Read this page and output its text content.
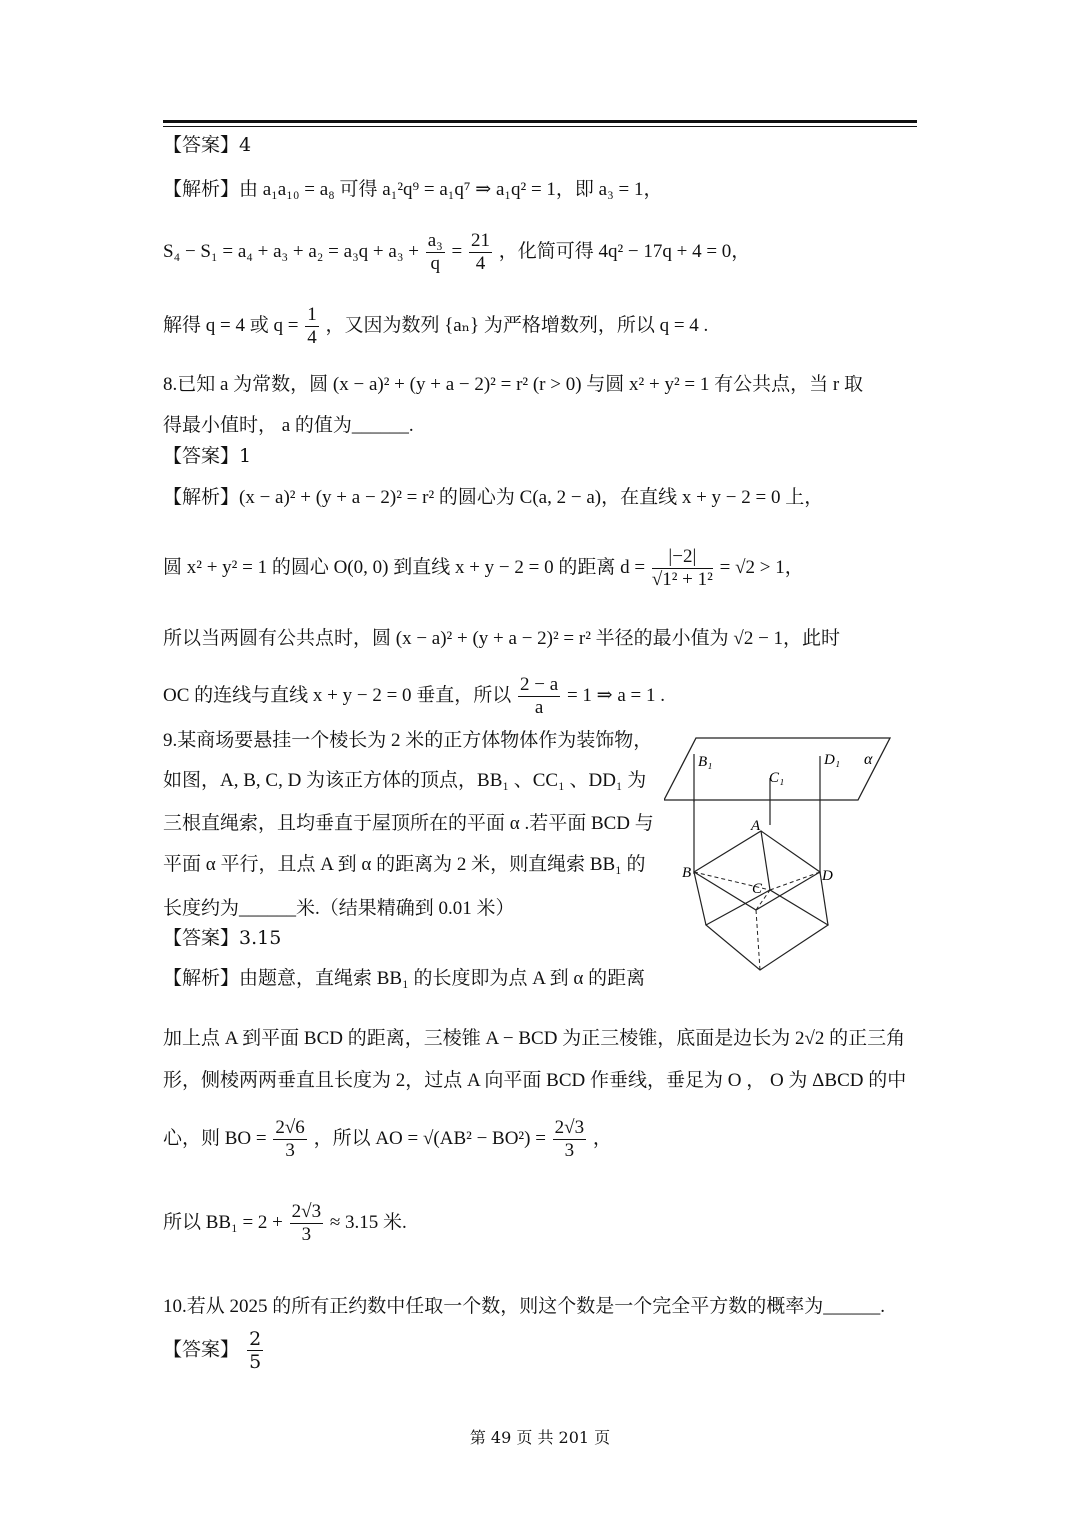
【答案】4
【解析】由 a₁a₁₀ = a₈ 可得 a₁²q⁹ = a₁q⁷ ⇒ a₁q² = 1，即 a₃ = 1，
$S_4 - S_1 = a_4 + a_3 + a_2 = a_3q + a_3 + \frac{\text{a₃}}{q} = \frac{21}{4}$ ，化简可得 4q² − 17q + 4 = 0，
解得 q = 4 或 $q = \frac{1}{4}$ ，又因为数列 {aₙ} 为严格增数列，所以 q = 4 .
8.已知 a 为常数，圆 (x − a)² + (y + a − 2)² = r² (r > 0) 与圆 x² + y² = 1 有公共点，当 r 取
得最小值时， a 的值为______.
【答案】1
【解析】(x − a)² + (y + a − 2)² = r² 的圆心为 C(a, 2 − a)，在直线 x + y − 2 = 0 上，
圆 x² + y² = 1 的圆心 O(0, 0) 到直线 x + y − 2 = 0 的距离 $d = \frac{|-2|}{\text{√1² + 1²}} = √2 > 1$，
所以当两圆有公共点时，圆 (x − a)² + (y + a − 2)² = r² 半径的最小值为 √2 − 1，此时
OC 的连线与直线 x + y − 2 = 0 垂直，所以 $\frac{2 - a}{a} = 1$ ⇒ a = 1 .
9.某商场要悬挂一个棱长为 2 米的正方体物体作为装饰物，
如图，A, B, C, D 为该正方体的顶点，BB₁ 、CC₁ 、DD₁ 为
三根直绳索，且均垂直于屋顶所在的平面 α .若平面 BCD 与
平面 α 平行，且点 A 到 α 的距离为 2 米，则直绳索 BB₁ 的
长度约为______米.（结果精确到 0.01 米）
【答案】3.15
【解析】由题意，直绳索 BB₁ 的长度即为点 A 到 α 的距离
B₁
C₁
D₁ α
A
B
C
D
加上点 A 到平面 BCD 的距离，三棱锥 A − BCD 为正三棱锥，底面是边长为 2√2 的正三角
形，侧棱两两垂直且长度为 2，过点 A 向平面 BCD 作垂线，垂足为 O ， O 为 ΔBCD 的中
心，则 BO = $\frac{2√6}{3}$ ，所以 AO = $√(AB^2 - BO^2) = \frac{2√3}{3}$ ，
所以 $BB_1 = 2 + \frac{2√3}{3} \approx 3.15$ 米.
10.若从 2025 的所有正约数中任取一个数，则这个数是一个完全平方数的概率为______.
【答案】 $\frac{2}{5}$
第 49 页 共 201 页
